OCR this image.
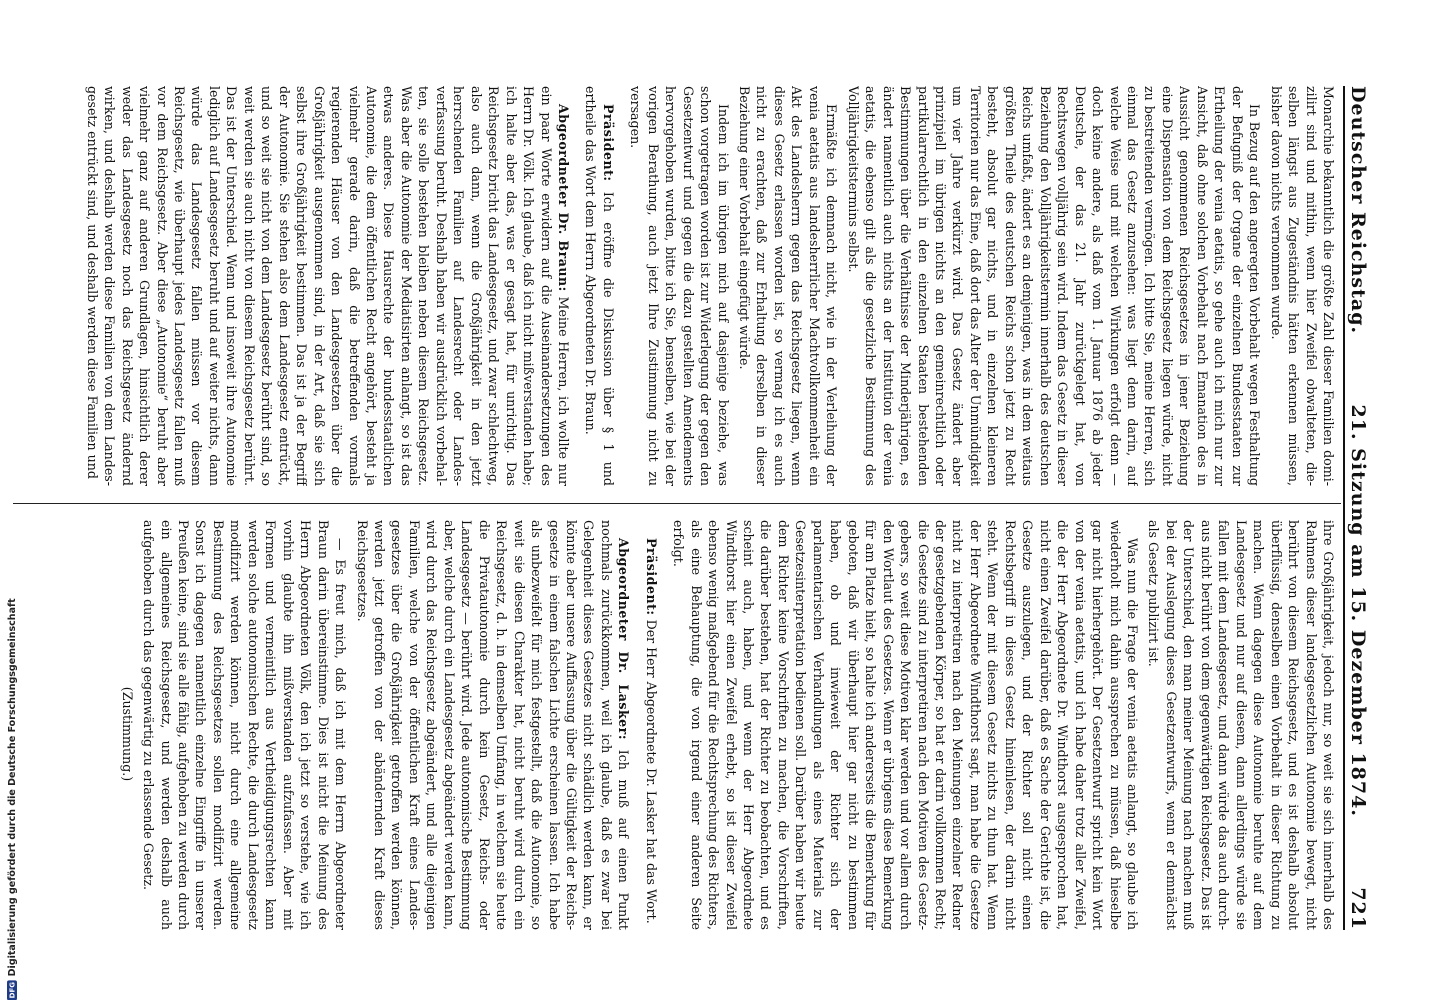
Deutscher Reichstag.
21. Sitzung am 15. Dezember 1874.
721

Monarchie bekanntlich die größte Zahl dieser Familien domizilirt sind und mithin, wenn hier Zweifel obwalteten, dieselben längst aus Zugeständnis hätten erkennen müssen, bisher davon nichts vernommen wurde.

In Bezug auf den angeregten Vorbehalt wegen Festhaltung der Befugniß der Organe der einzelnen Bundesstaaten zur Ertheilung der venia aetatis, so gehe auch ich mich nur zur Ansicht, daß ohne solchen Vorbehalt nach Emanation des in Aussicht genommenen Reichsgesetzes in jener Beziehung eine Dispensation von dem Reichsgesetz liegen würde, nicht zu bestreitenden vermögen. Ich bitte Sie, meine Herren, sich einmal das Gesetz anzusehen: was liegt denn darin, auf welche Weise und mit welchen Wirkungen erfolgt denn — doch keine andere, als daß vom 1. Januar 1876 ab jeder Deutsche, der das 21. Jahr zurückgelegt hat, von Rechtswegen volljährig sein wird. Indem das Gesetz in dieser Beziehung den Volljährigkeitstermin innerhalb des deutschen Reichs umfaßt, ändert es an demjenigen, was in dem weitaus größten Theile des deutschen Reichs schon jetzt zu Recht besteht, absolut gar nichts, und in einzelnen kleineren Territorien nur das Eine, daß dort das Alter der Unmündigkeit um vier Jahre verkürzt wird. Das Gesetz ändert aber prinzipiell im übrigen nichts an den gemeinrechtlich oder partikularrechtlich in den einzelnen Staaten bestehenden Bestimmungen über die Verhältnisse der Minderjährigen, es ändert namentlich auch nichts an der Institution der venia aetatis, die ebenso gilt als die gesetzliche Bestimmung des Volljährigkeitstermins selbst.

Ermäßte ich demnach nicht, wie in der Verleihung der venia aetatis aus landesherrlicher Machtvollkommenheit ein Akt des Landesherrn gegen das Reichsgesetz liegen, wenn dieses Gesetz erlassen worden ist, so vermag ich es auch nicht zu erachten, daß zur Erhaltung derselben in dieser Beziehung einer Vorbehalt eingefügt würde.

Indem ich im übrigen mich auf dasjenige beziehe, was schon vorgetragen worden ist zur Widerlegung der gegen den Gesetzentwurf und gegen die dazu gestellten Amendements hervorgehoben wurden, bitte ich Sie, benselben, wie bei der vorigen Berathung, auch jetzt Ihre Zustimmung nicht zu versagen.

Präsident: Ich eröffne die Diskussion über § 1 und ertheile das Wort dem Herrn Abgeordneten Dr. Braun.

Abgeordneter Dr. Braun: Meine Herren, ich wollte nur ein paar Worte erwidern auf die Auseinandersetzungen des Herrn Dr. Völk. Ich glaube, daß ich nicht mißverstanden habe; ich halte aber das, was er gesagt hat, für unrichtig. Das Reichsgesetz bricht das Landesgesetz, und zwar schlechtweg, also auch dann, wenn die Großjährigkeit in den jetzt herrschenden Familien auf Landesrecht oder Landesverfassung beruht. Deshalb haben wir ausdrücklich vorbehalten, sie solle bestehen bleiben neben diesem Reichsgesetz. Was aber die Autonomie der Mediatisirten anlangt, so ist das etwas anderes. Diese Hausrechte der bundesstaatlichen Autonomie, die dem öffentlichen Recht angehört, besteht ja vielmehr gerade darin, daß die betreffenden vormals regierenden Häuser von den Landesgesetzen über die Großjährigkeit ausgenommen sind, in der Art, daß sie sich selbst ihre Großjährigkeit bestimmen. Das ist ja der Begriff der Autonomie. Sie stehen also dem Landesgesetz entrückt, und so weit sie nicht von dem Landesgesetz berührt sind, so weit werden sie auch nicht von diesem Reichsgesetz berührt. Das ist der Unterschied. Wenn und insoweit ihre Autonomie lediglich auf Landesgesetz beruht und auf weiter nichts, dann würde das Landesgesetz fallen müssen vor diesem Reichsgesetz, wie überhaupt jedes Landesgesetz fallen muß vor dem Reichsgesetz. Aber diese „Autonomie“ beruht aber vielmehr ganz auf anderen Grundlagen, hinsichtlich derer weder das Landesgesetz noch das Reichsgesetz ändernd wirken, und deshalb werden diese Familien von dem Landesgesetz entrückt sind, und deshalb werden diese Familien und

ihre Großjährigkeit, jedoch nur, so weit sie sich innerhalb des Rahmens dieser landesgesetzlichen Autonomie bewegt, nicht berührt von diesem Reichsgesetz, und es ist deshalb absolut überflüssig, denselben einen Vorbehalt in dieser Richtung zu machen. Wenn dagegen diese Autonomie beruhte auf dem Landesgesetz und nur auf diesem, dann allerdings würde sie fallen mit dem Landesgesetz, und dann würde das auch durchaus nicht berührt von dem gegenwärtigen Reichsgesetz. Das ist der Unterschied, den man meiner Meinung nach machen muß bei der Auslegung dieses Gesetzentwurfs, wenn er demnächst als Gesetz publizirt ist.

Was nun die Frage der venia aetatis anlangt, so glaube ich wiederholt mich dahin aussprechen zu müssen, daß hieselbe gar nicht hierhergehört. Der Gesetzentwurf spricht kein Wort von der venia aetatis, und ich habe daher trotz aller Zweifel, die der Herr Abgeordnete Dr. Windthorst ausgesprochen hat, nicht einen Zweifel darüber, daß es Sache der Gerichte ist, die Gesetze auszulegen, und der Richter soll nicht einen Rechtsbegriff in dieses Gesetz hineinlesen, der darin nicht steht. Wenn der mit diesem Gesetz nichts zu thun hat. Wenn der Herr Abgeordnete Windthorst sagt, man habe die Gesetze nicht zu interpretiren nach den Meinungen einzelner Redner der gesetzgebenden Körper, so hat er darin vollkommen Recht; die Gesetze sind zu interpretiren nach den Motiven des Gesetzgebers, so weit diese Motiven klar werden und vor allem durch den Wortlaut des Gesetzes. Wenn er übrigens diese Bemerkung für am Platze hielt, so halte ich andererseits die Bemerkung für geboten, daß wir überhaupt hier gar nicht zu bestimmen haben, ob und inwieweit der Richter sich der parlamentarischen Verhandlungen als eines Materials zur Gesetzesinterpretation bedienen soll. Darüber haben wir heute dem Richter keine Vorschriften zu machen, die Vorschriften, die darüber bestehen, hat der Richter zu beobachten, und es scheint auch, haben, und wenn der Herr Abgeordnete Windthorst hier einen Zweifel erhebt, so ist dieser Zweifel ebenso wenig maßgebend für die Rechtsprechung des Richters, als eine Behauptung, die von irgend einer anderen Seite erfolgt.

Präsident: Der Herr Abgeordnete Dr. Lasker hat das Wort.

Abgeordneter Dr. Lasker: Ich muß auf einen Punkt nochmals zurückkommen, weil ich glaube, daß es zwar bei Gelegenheit dieses Gesetzes nicht schädlich werden kann, er könnte aber unsere Auffassung über die Gültigkeit der Reichsgesetze in einem falschen Lichte erscheinen lassen. Ich habe als unbezweifelt für mich festgestellt, daß die Autonomie, so weit sie diesen Charakter hat, nicht beruht wird durch ein Reichsgesetz, d. h. in demselben Umfang, in welchem sie heute die Privatautonomie durch kein Gesetz, Reichs- oder Landesgesetz — berührt wird. Jede autonomische Bestimmung aber, welche durch ein Landesgesetz abgeändert werden kann, wird durch das Reichsgesetz abgeändert, und alle diejenigen Familien, welche von der öffentlichen Kraft eines Landesgesetzes über die Großjährigkeit getroffen werden können, werden jetzt getroffen von der abändernden Kraft dieses Reichsgesetzes.

— Es freut mich, daß ich mit dem Herrn Abgeordneter Braun darin übereinstimme. Dies ist nicht die Meinung des Herrn Abgeordneten Völk, den ich jetzt so verstehe, wie ich vorhin glaubte ihn mißverstanden aufzufassen. Aber mit Formen und vermeintlich aus Vertheidigungsrechten kann werden solche autonomischen Rechte, die durch Landesgesetz modifizirt werden können, nicht durch eine allgemeine Bestimmung des Reichsgesetzes sollen modifizirt werden. Sonst ich dagegen namentlich einzelne Eingriffe in unserer Preußen keine, sind sie alle fähig, aufgehoben zu werden durch ein allgemeines Reichsgesetz, und werden deshalb auch aufgehoben durch das gegenwärtig zu erlassende Gesetz.

(Zustimmung.)

DFG
Digitalisierung gefördert durch die Deutsche Forschungsgemeinschaft
